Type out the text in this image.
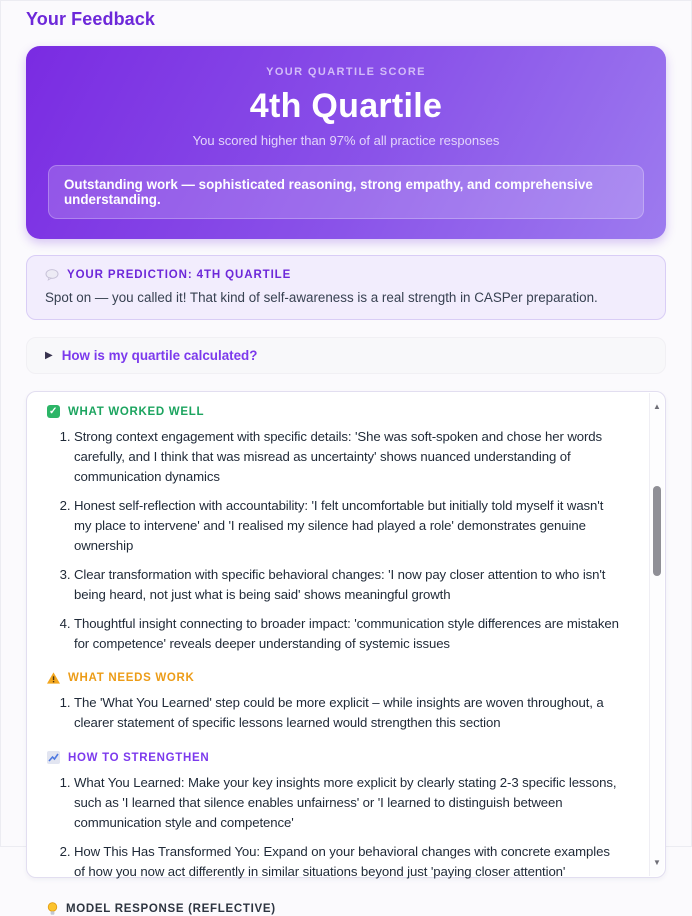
Your Feedback
YOUR QUARTILE SCORE
4th Quartile
You scored higher than 97% of all practice responses
Outstanding work — sophisticated reasoning, strong empathy, and comprehensive understanding.
YOUR PREDICTION: 4TH QUARTILE
Spot on — you called it! That kind of self-awareness is a real strength in CASPer preparation.
▶ How is my quartile calculated?
✓ WHAT WORKED WELL
1. Strong context engagement with specific details: 'She was soft-spoken and chose her words carefully, and I think that was misread as uncertainty' shows nuanced understanding of communication dynamics
2. Honest self-reflection with accountability: 'I felt uncomfortable but initially told myself it wasn't my place to intervene' and 'I realised my silence had played a role' demonstrates genuine ownership
3. Clear transformation with specific behavioral changes: 'I now pay closer attention to who isn't being heard, not just what is being said' shows meaningful growth
4. Thoughtful insight connecting to broader impact: 'communication style differences are mistaken for competence' reveals deeper understanding of systemic issues
WHAT NEEDS WORK
1. The 'What You Learned' step could be more explicit – while insights are woven throughout, a clearer statement of specific lessons learned would strengthen this section
HOW TO STRENGTHEN
1. What You Learned: Make your key insights more explicit by clearly stating 2-3 specific lessons, such as 'I learned that silence enables unfairness' or 'I learned to distinguish between communication style and competence'
2. How This Has Transformed You: Expand on your behavioral changes with concrete examples of how you now act differently in similar situations beyond just 'paying closer attention'
MODEL RESPONSE (REFLECTIVE)
▲
▼
